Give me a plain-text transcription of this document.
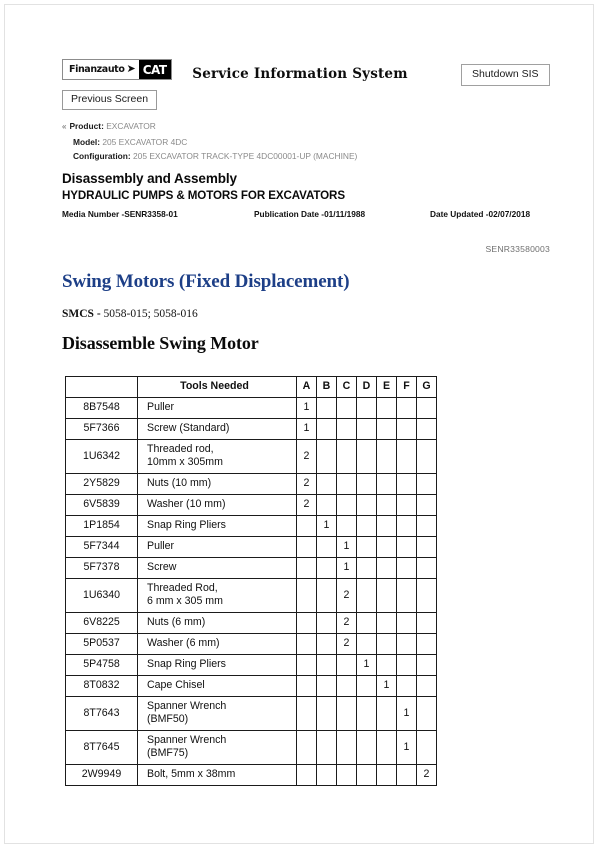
Finanzauto ➤ CAT
Previous Screen
Service Information System	Shutdown SIS
« Product: EXCAVATOR
Model: 205 EXCAVATOR 4DC
Configuration: 205 EXCAVATOR TRACK-TYPE 4DC00001-UP (MACHINE)
Disassembly and Assembly
HYDRAULIC PUMPS & MOTORS FOR EXCAVATORS
Media Number -SENR3358-01	Publication Date -01/11/1988	Date Updated -02/07/2018
SENR33580003
Swing Motors (Fixed Displacement)
SMCS - 5058-015; 5058-016
Disassemble Swing Motor
	Tools Needed	A	B	C	D	E	F	G
8B7548	Puller	1						
5F7366	Screw (Standard)	1						
1U6342	Threaded rod,
10mm x 305mm	2						
2Y5829	Nuts (10 mm)	2						
6V5839	Washer (10 mm)	2						
1P1854	Snap Ring Pliers		1					
5F7344	Puller			1				
5F7378	Screw			1				
1U6340	Threaded Rod,
6 mm x 305 mm			2				
6V8225	Nuts (6 mm)			2				
5P0537	Washer (6 mm)			2				
5P4758	Snap Ring Pliers				1			
8T0832	Cape Chisel					1		
8T7643	Spanner Wrench
(BMF50)						1	
8T7645	Spanner Wrench
(BMF75)						1	
2W9949	Bolt, 5mm x 38mm							2
